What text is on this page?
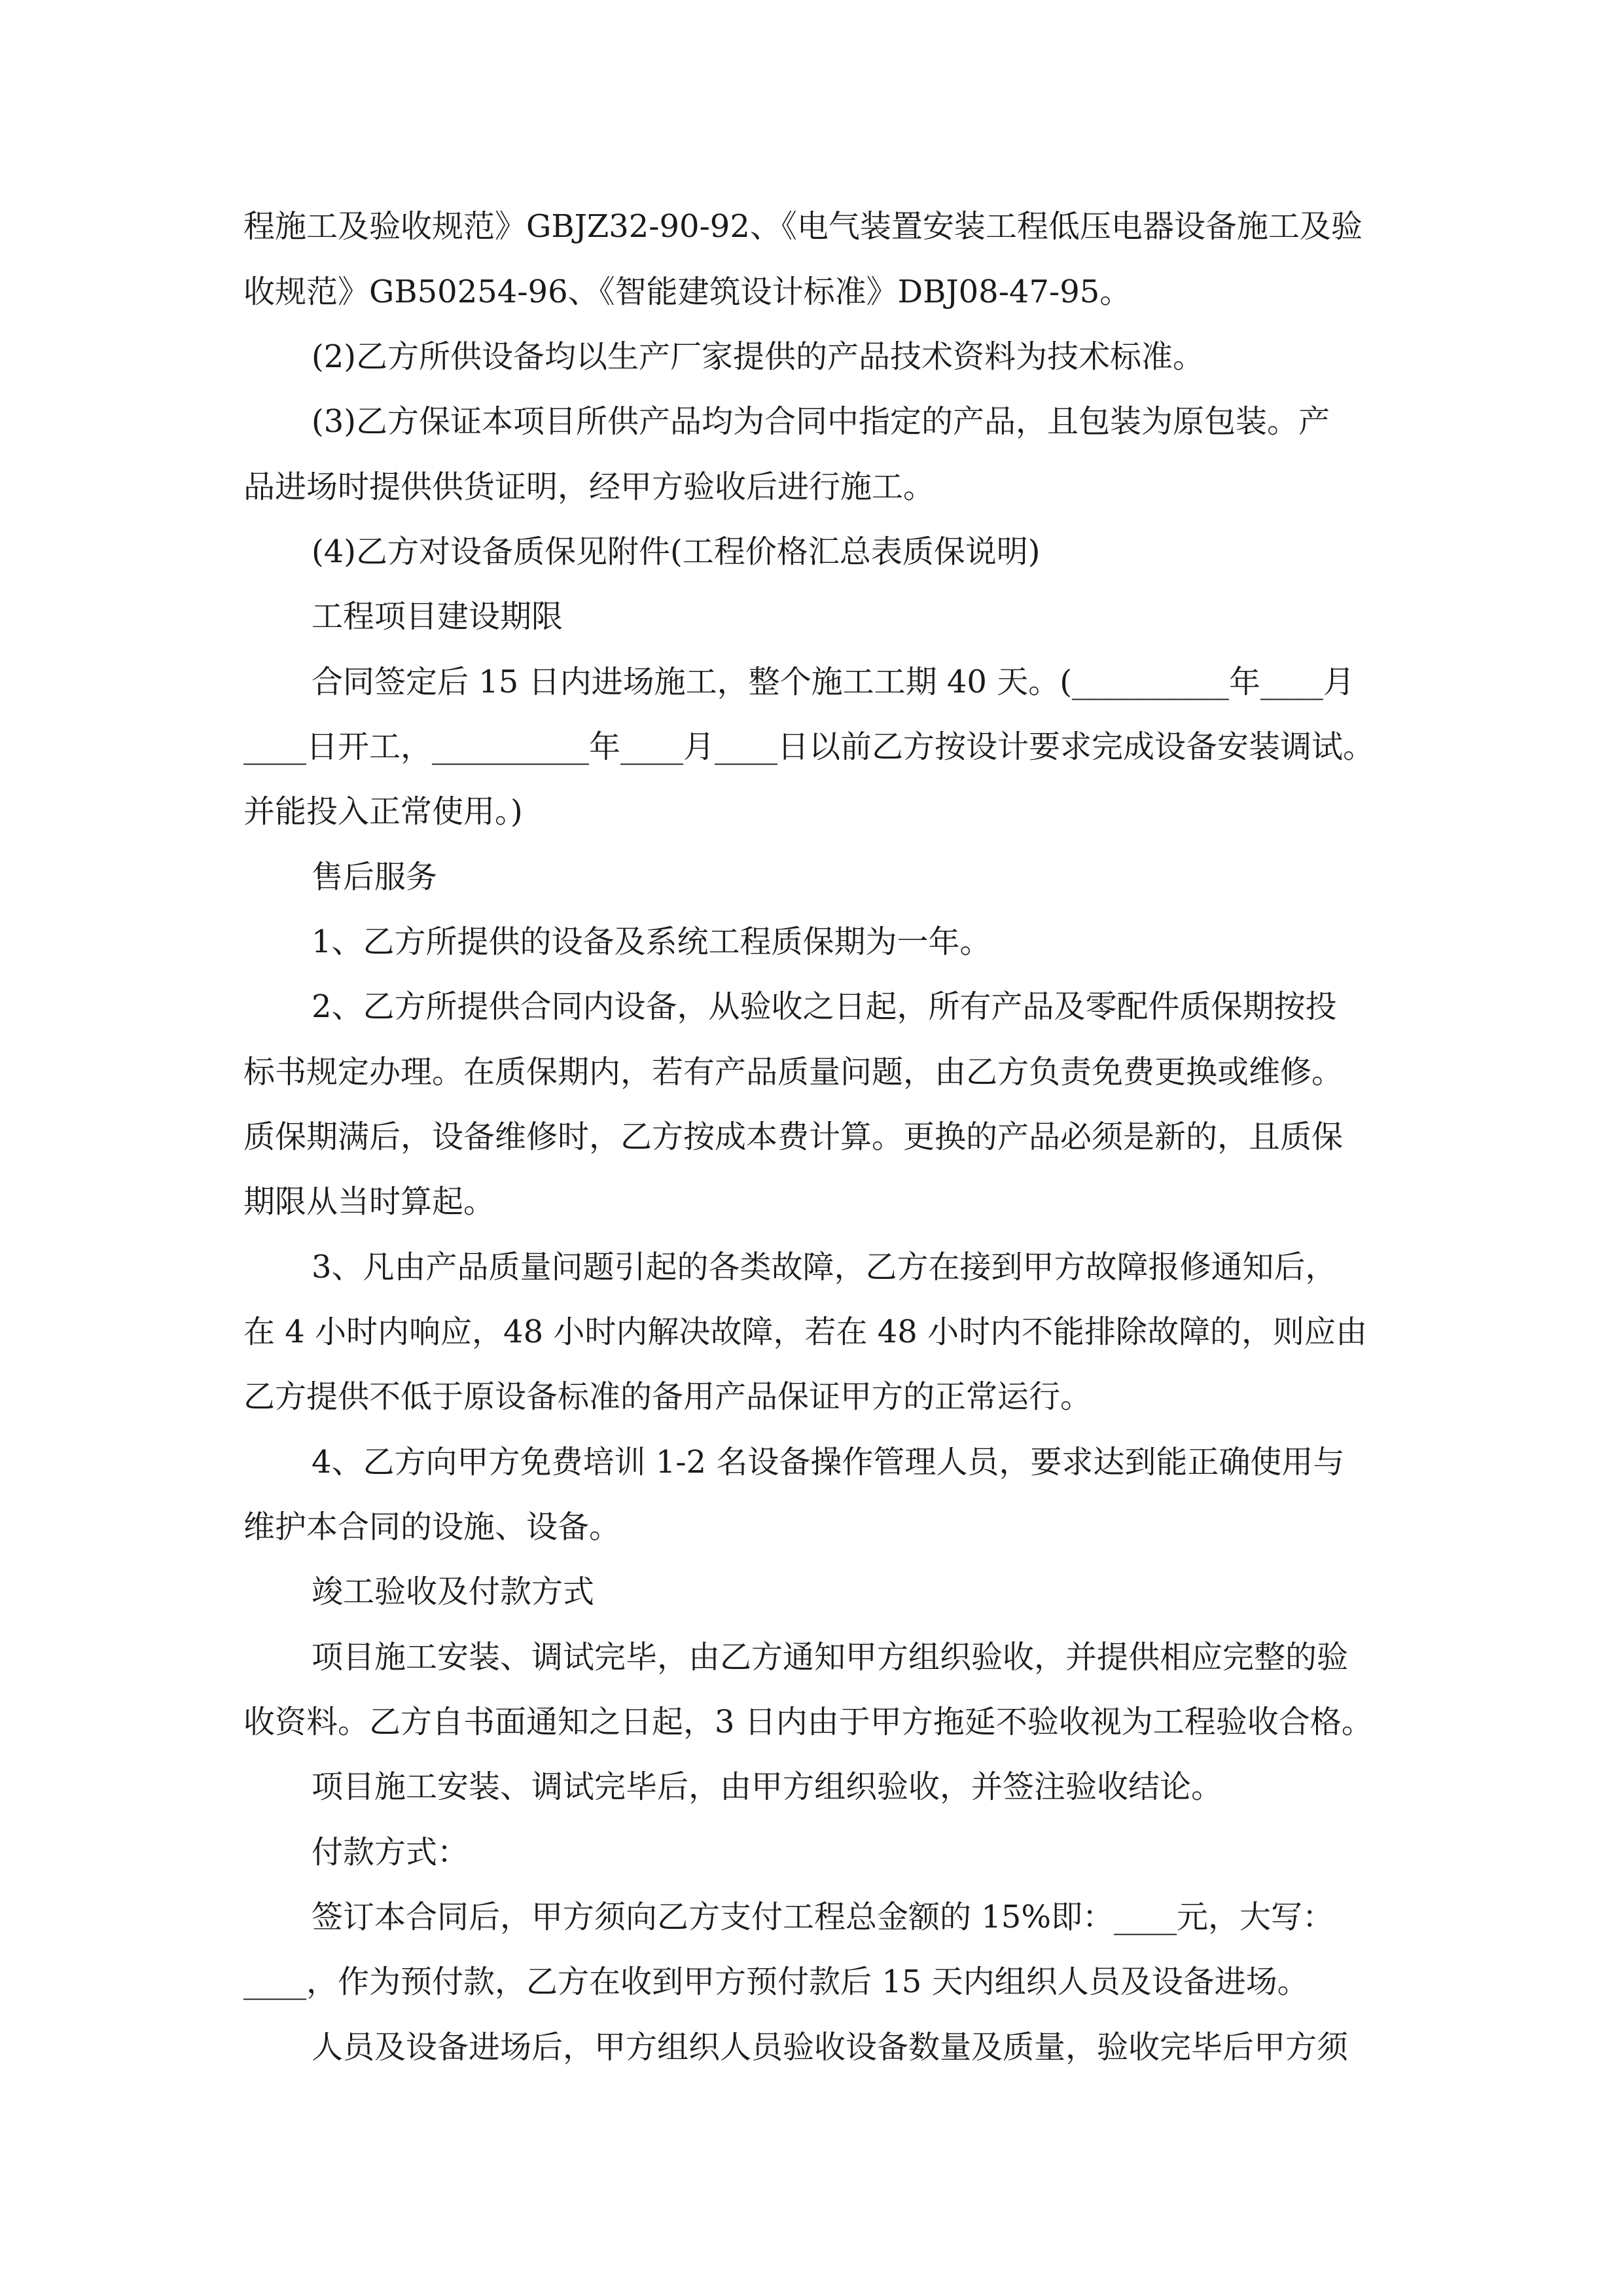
程施工及验收规范》GBJZ32-90-92、《电气装置安装工程低压电器设备施工及验
收规范》GB50254-96、《智能建筑设计标准》DBJ08-47-95。
(2)乙方所供设备均以生产厂家提供的产品技术资料为技术标准。
(3)乙方保证本项目所供产品均为合同中指定的产品，且包装为原包装。产
品进场时提供供货证明，经甲方验收后进行施工。
(4)乙方对设备质保见附件(工程价格汇总表质保说明)
工程项目建设期限
合同签定后 15 日内进场施工，整个施工工期 40 天。(__________年____月
____日开工，__________年____月____日以前乙方按设计要求完成设备安装调试。
并能投入正常使用。)
售后服务
1、乙方所提供的设备及系统工程质保期为一年。
2、乙方所提供合同内设备，从验收之日起，所有产品及零配件质保期按投
标书规定办理。在质保期内，若有产品质量问题，由乙方负责免费更换或维修。
质保期满后，设备维修时，乙方按成本费计算。更换的产品必须是新的，且质保
期限从当时算起。
3、凡由产品质量问题引起的各类故障，乙方在接到甲方故障报修通知后，
在 4 小时内响应，48 小时内解决故障，若在 48 小时内不能排除故障的，则应由
乙方提供不低于原设备标准的备用产品保证甲方的正常运行。
4、乙方向甲方免费培训 1-2 名设备操作管理人员，要求达到能正确使用与
维护本合同的设施、设备。
竣工验收及付款方式
项目施工安装、调试完毕，由乙方通知甲方组织验收，并提供相应完整的验
收资料。乙方自书面通知之日起，3 日内由于甲方拖延不验收视为工程验收合格。
项目施工安装、调试完毕后，由甲方组织验收，并签注验收结论。
付款方式：
签订本合同后，甲方须向乙方支付工程总金额的 15%即：____元，大写：
____，作为预付款，乙方在收到甲方预付款后 15 天内组织人员及设备进场。
人员及设备进场后，甲方组织人员验收设备数量及质量，验收完毕后甲方须
